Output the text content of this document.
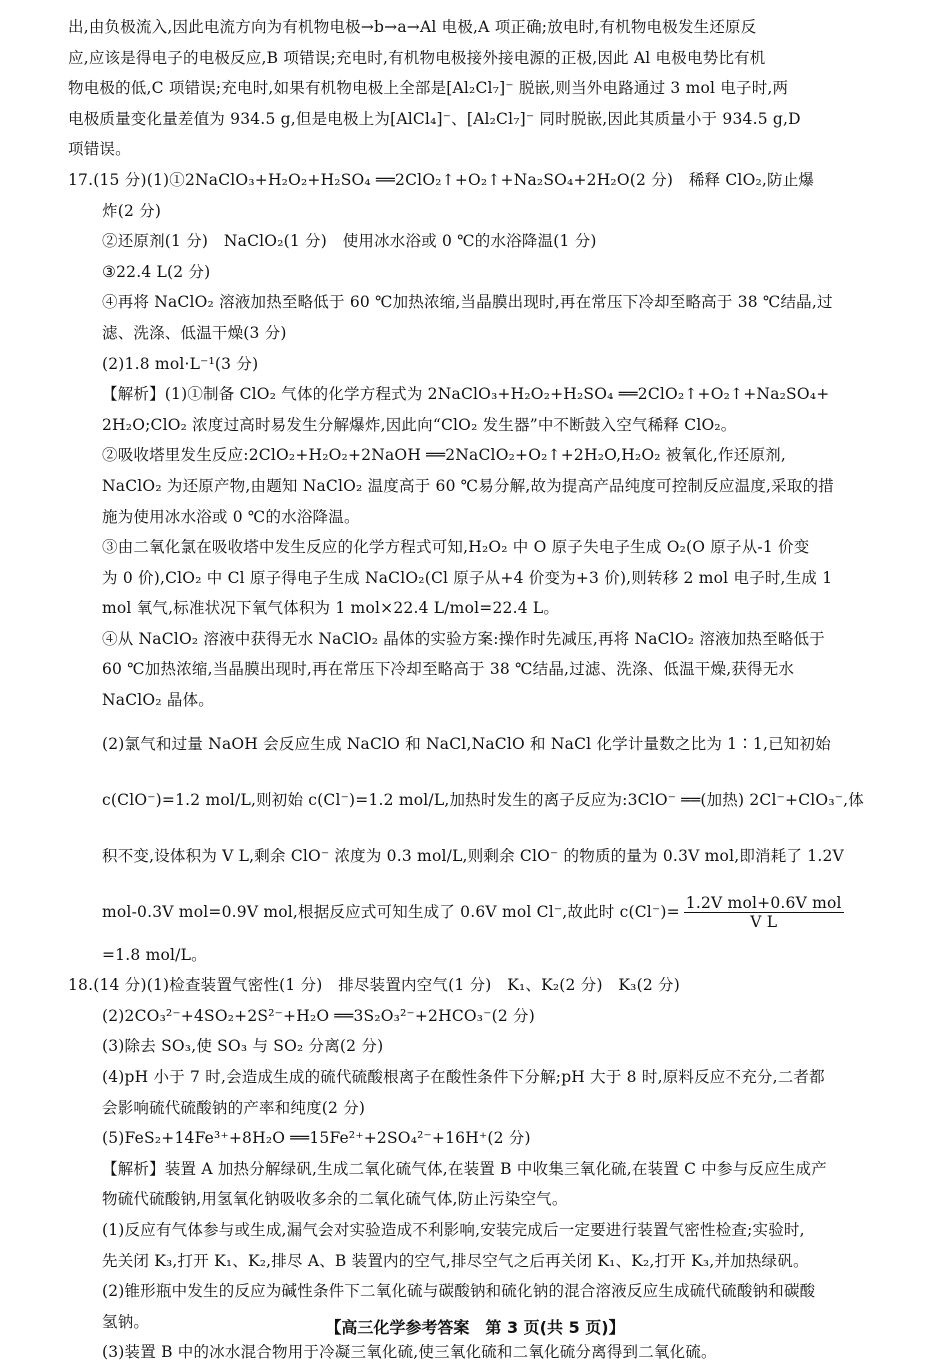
出,由负极流入,因此电流方向为有机物电极→b→a→Al 电极,A 项正确;放电时,有机物电极发生还原反
应,应该是得电子的电极反应,B 项错误;充电时,有机物电极接外接电源的正极,因此 Al 电极电势比有机
物电极的低,C 项错误;充电时,如果有机物电极上全部是[Al₂Cl₇]⁻ 脱嵌,则当外电路通过 3 mol 电子时,两
电极质量变化量差值为 934.5 g,但是电极上为[AlCl₄]⁻、[Al₂Cl₇]⁻ 同时脱嵌,因此其质量小于 934.5 g,D
项错误。
17.(15 分)(1)①2NaClO₃+H₂O₂+H₂SO₄ ══2ClO₂↑+O₂↑+Na₂SO₄+2H₂O(2 分)　稀释 ClO₂,防止爆
炸(2 分)
②还原剂(1 分)　NaClO₂(1 分)　使用冰水浴或 0 ℃的水浴降温(1 分)
③22.4 L(2 分)
④再将 NaClO₂ 溶液加热至略低于 60 ℃加热浓缩,当晶膜出现时,再在常压下冷却至略高于 38 ℃结晶,过
滤、洗涤、低温干燥(3 分)
(2)1.8 mol·L⁻¹(3 分)
【解析】(1)①制备 ClO₂ 气体的化学方程式为 2NaClO₃+H₂O₂+H₂SO₄ ══2ClO₂↑+O₂↑+Na₂SO₄+
2H₂O;ClO₂ 浓度过高时易发生分解爆炸,因此向“ClO₂ 发生器”中不断鼓入空气稀释 ClO₂。
②吸收塔里发生反应:2ClO₂+H₂O₂+2NaOH ══2NaClO₂+O₂↑+2H₂O,H₂O₂ 被氧化,作还原剂,
NaClO₂ 为还原产物,由题知 NaClO₂ 温度高于 60 ℃易分解,故为提高产品纯度可控制反应温度,采取的措
施为使用冰水浴或 0 ℃的水浴降温。
③由二氧化氯在吸收塔中发生反应的化学方程式可知,H₂O₂ 中 O 原子失电子生成 O₂(O 原子从-1 价变
为 0 价),ClO₂ 中 Cl 原子得电子生成 NaClO₂(Cl 原子从+4 价变为+3 价),则转移 2 mol 电子时,生成 1
mol 氧气,标准状况下氧气体积为 1 mol×22.4 L/mol=22.4 L。
④从 NaClO₂ 溶液中获得无水 NaClO₂ 晶体的实验方案:操作时先减压,再将 NaClO₂ 溶液加热至略低于
60 ℃加热浓缩,当晶膜出现时,再在常压下冷却至略高于 38 ℃结晶,过滤、洗涤、低温干燥,获得无水
NaClO₂ 晶体。
(2)氯气和过量 NaOH 会反应生成 NaClO 和 NaCl,NaClO 和 NaCl 化学计量数之比为 1∶1,已知初始
c(ClO⁻)=1.2 mol/L,则初始 c(Cl⁻)=1.2 mol/L,加热时发生的离子反应为:3ClO⁻ ══(加热) 2Cl⁻+ClO₃⁻,体
积不变,设体积为 V L,剩余 ClO⁻ 浓度为 0.3 mol/L,则剩余 ClO⁻ 的物质的量为 0.3V mol,即消耗了 1.2V
mol-0.3V mol=0.9V mol,根据反应式可知生成了 0.6V mol Cl⁻,故此时 $c(Cl^-)= \frac{\text{1.2V mol+0.6V mol}}{\text{V L}}$
=1.8 mol/L。
18.(14 分)(1)检查装置气密性(1 分)　排尽装置内空气(1 分)　K₁、K₂(2 分)　K₃(2 分)
(2)2CO₃²⁻+4SO₂+2S²⁻+H₂O ══3S₂O₃²⁻+2HCO₃⁻(2 分)
(3)除去 SO₃,使 SO₃ 与 SO₂ 分离(2 分)
(4)pH 小于 7 时,会造成生成的硫代硫酸根离子在酸性条件下分解;pH 大于 8 时,原料反应不充分,二者都
会影响硫代硫酸钠的产率和纯度(2 分)
(5)FeS₂+14Fe³⁺+8H₂O ══15Fe²⁺+2SO₄²⁻+16H⁺(2 分)
【解析】装置 A 加热分解绿矾,生成二氧化硫气体,在装置 B 中收集三氧化硫,在装置 C 中参与反应生成产
物硫代硫酸钠,用氢氧化钠吸收多余的二氧化硫气体,防止污染空气。
(1)反应有气体参与或生成,漏气会对实验造成不利影响,安装完成后一定要进行装置气密性检查;实验时,
先关闭 K₃,打开 K₁、K₂,排尽 A、B 装置内的空气,排尽空气之后再关闭 K₁、K₂,打开 K₃,并加热绿矾。
(2)锥形瓶中发生的反应为碱性条件下二氧化硫与碳酸钠和硫化钠的混合溶液反应生成硫代硫酸钠和碳酸
氢钠。
(3)装置 B 中的冰水混合物用于冷凝三氧化硫,使三氧化硫和二氧化硫分离得到二氧化硫。
【高三化学参考答案　第 3 页(共 5 页)】
